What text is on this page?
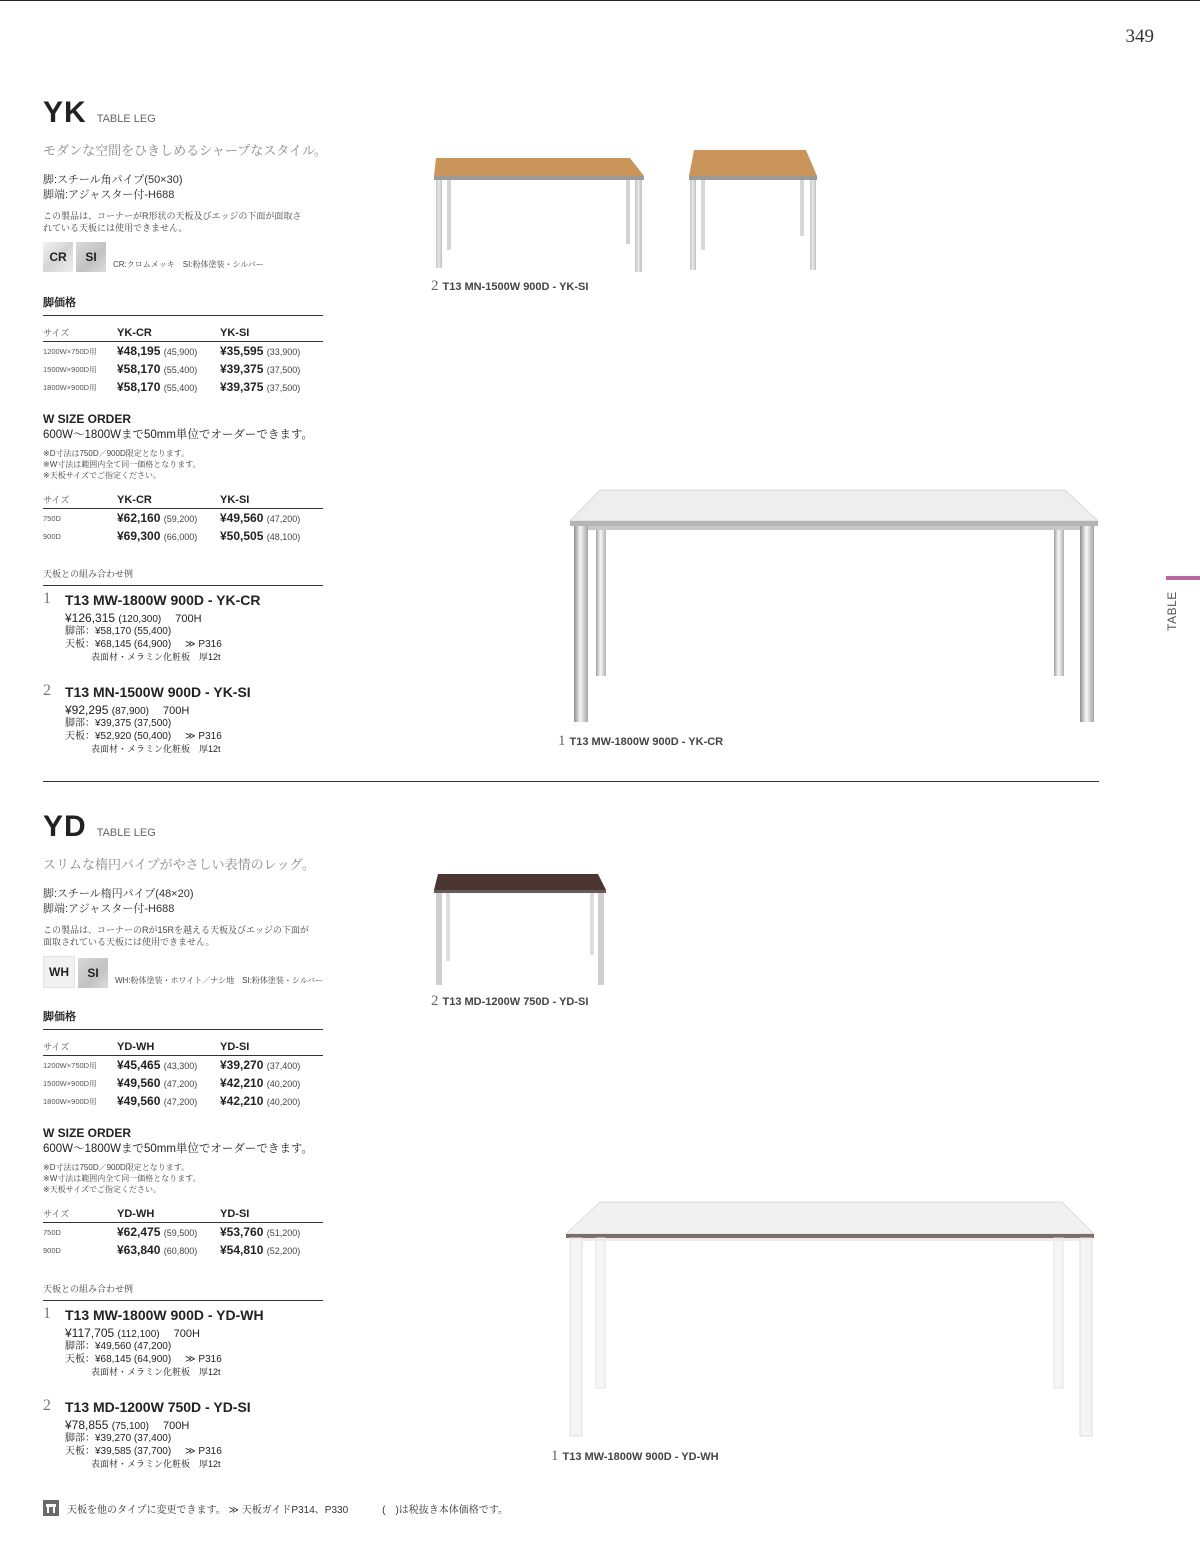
349
TABLE
YK TABLE LEG
モダンな空間をひきしめるシャープなスタイル。
脚:スチール角パイプ(50×30)
脚端:アジャスター付-H688
この製品は、コーナーがR形状の天板及びエッジの下面が面取さ
れている天板には使用できません。
CR	SI
CR:クロムメッキ　SI:粉体塗装・シルバー
脚価格
サイズ	YK-CR	YK-SI
1200W×750D用	¥48,195 (45,900)	¥35,595 (33,900)
1500W×900D用	¥58,170 (55,400)	¥39,375 (37,500)
1800W×900D用	¥58,170 (55,400)	¥39,375 (37,500)
W SIZE ORDER
600W～1800Wまで50mm単位でオーダーできます。
※D寸法は750D／900D限定となります。
※W寸法は範囲内全て同一価格となります。
※天板サイズでご指定ください。
サイズ	YK-CR	YK-SI
750D	¥62,160 (59,200)	¥49,560 (47,200)
900D	¥69,300 (66,000)	¥50,505 (48,100)
天板との組み合わせ例
1 T13 MW-1800W 900D - YK-CR
¥126,315 (120,300) 700H
脚部：¥58,170 (55,400)
天板：¥68,145 (64,900) ≫ P316
表面材・メラミン化粧板　厚12t
2 T13 MN-1500W 900D - YK-SI
¥92,295 (87,900) 700H
脚部：¥39,375 (37,500)
天板：¥52,920 (50,400) ≫ P316
表面材・メラミン化粧板　厚12t
2 T13 MN-1500W 900D - YK-SI
1 T13 MW-1800W 900D - YK-CR
YD TABLE LEG
スリムな楕円パイプがやさしい表情のレッグ。
脚:スチール楕円パイプ(48×20)
脚端:アジャスター付-H688
この製品は、コーナーのRが15Rを越える天板及びエッジの下面が
面取されている天板には使用できません。
WH	SI
WH:粉体塗装・ホワイト／ナシ地　SI:粉体塗装・シルバー
脚価格
サイズ	YD-WH	YD-SI
1200W×750D用	¥45,465 (43,300)	¥39,270 (37,400)
1500W×900D用	¥49,560 (47,200)	¥42,210 (40,200)
1800W×900D用	¥49,560 (47,200)	¥42,210 (40,200)
W SIZE ORDER
600W～1800Wまで50mm単位でオーダーできます。
※D寸法は750D／900D限定となります。
※W寸法は範囲内全て同一価格となります。
※天板サイズでご指定ください。
サイズ	YD-WH	YD-SI
750D	¥62,475 (59,500)	¥53,760 (51,200)
900D	¥63,840 (60,800)	¥54,810 (52,200)
天板との組み合わせ例
1 T13 MW-1800W 900D - YD-WH
¥117,705 (112,100) 700H
脚部：¥49,560 (47,200)
天板：¥68,145 (64,900) ≫ P316
表面材・メラミン化粧板　厚12t
2 T13 MD-1200W 750D - YD-SI
¥78,855 (75,100) 700H
脚部：¥39,270 (37,400)
天板：¥39,585 (37,700) ≫ P316
表面材・メラミン化粧板　厚12t
2 T13 MD-1200W 750D - YD-SI
1 T13 MW-1800W 900D - YD-WH
天板を他のタイプに変更できます。 ≫ 天板ガイドP314、P330	(　)は税抜き本体価格です。
